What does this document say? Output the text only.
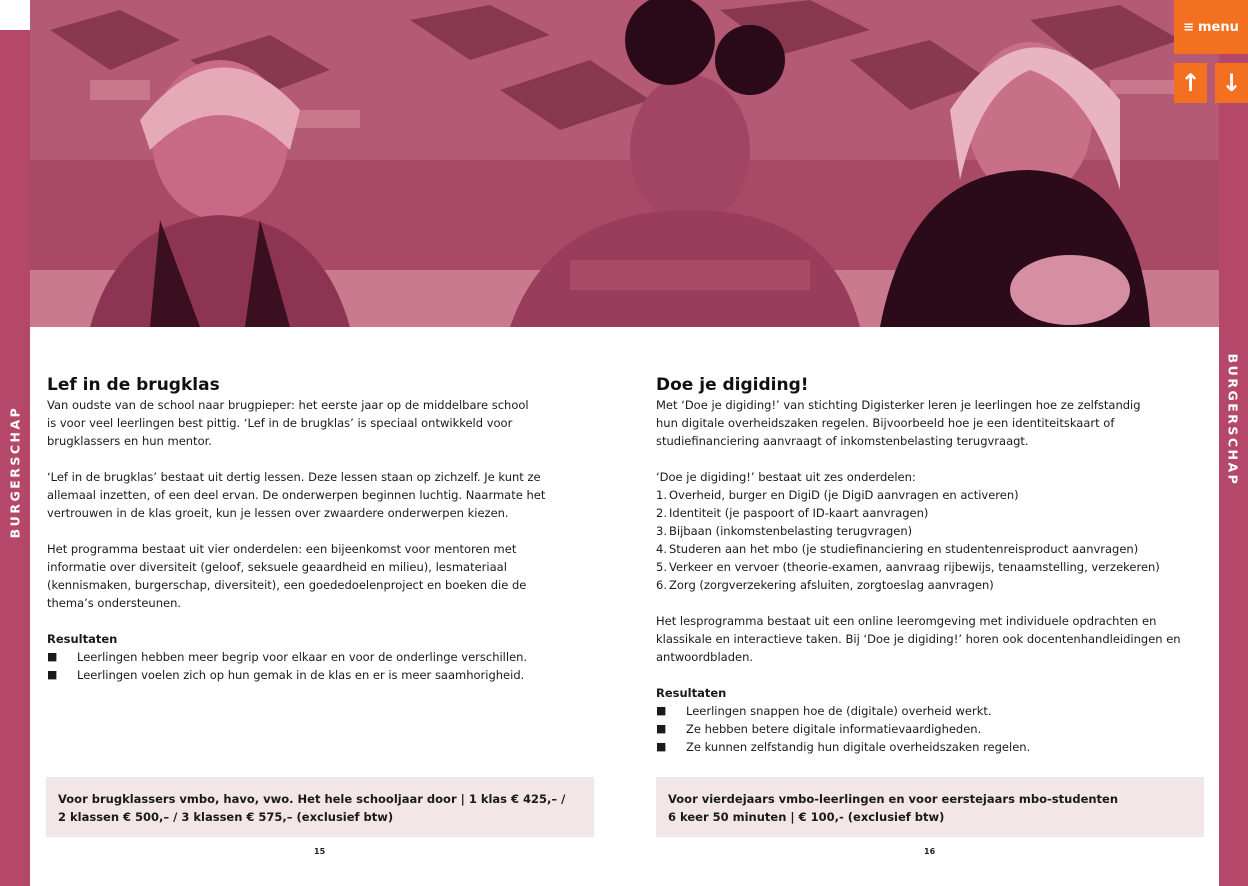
BURGERSCHAP	BURGERSCHAP
≡ menu
↑ ↓
Lef in de brugklas

Van oudste van de school naar brugpieper: het eerste jaar op de middelbare school

is voor veel leerlingen best pittig. ‘Lef in de brugklas’ is speciaal ontwikkeld voor

brugklassers en hun mentor.

‘Lef in de brugklas’ bestaat uit dertig lessen. Deze lessen staan op zichzelf. Je kunt ze

allemaal inzetten, of een deel ervan. De onderwerpen beginnen luchtig. Naarmate het

vertrouwen in de klas groeit, kun je lessen over zwaardere onderwerpen kiezen.

Het programma bestaat uit vier onderdelen: een bijeenkomst voor mentoren met

informatie over diversiteit (geloof, seksuele geaardheid en milieu), lesmateriaal

(kennismaken, burgerschap, diversiteit), een goededoelenproject en boeken die de

thema’s ondersteunen.

Resultaten

■	Leerlingen hebben meer begrip voor elkaar en voor de onderlinge verschillen.
■	Leerlingen voelen zich op hun gemak in de klas en er is meer saamhorigheid.

Voor brugklassers vmbo, havo, vwo. Het hele schooljaar door | 1 klas € 425,– /

2 klassen € 500,– / 3 klassen € 575,– (exclusief btw)

15
Doe je digiding!

Met ‘Doe je digiding!’ van stichting Digisterker leren je leerlingen hoe ze zelfstandig

hun digitale overheidszaken regelen. Bijvoorbeeld hoe je een identiteitskaart of

studiefinanciering aanvraagt of inkomstenbelasting terugvraagt.

‘Doe je digiding!’ bestaat uit zes onderdelen:

1. Overheid, burger en DigiD (je DigiD aanvragen en activeren)
2. Identiteit (je paspoort of ID-kaart aanvragen)
3. Bijbaan (inkomstenbelasting terugvragen)
4. Studeren aan het mbo (je studiefinanciering en studentenreisproduct aanvragen)
5. Verkeer en vervoer (theorie-examen, aanvraag rijbewijs, tenaamstelling, verzekeren)
6. Zorg (zorgverzekering afsluiten, zorgtoeslag aanvragen)

Het lesprogramma bestaat uit een online leeromgeving met individuele opdrachten en

klassikale en interactieve taken. Bij ‘Doe je digiding!’ horen ook docentenhandleidingen en

antwoordbladen.

Resultaten

■	Leerlingen snappen hoe de (digitale) overheid werkt.
■	Ze hebben betere digitale informatievaardigheden.
■	Ze kunnen zelfstandig hun digitale overheidszaken regelen.

Voor vierdejaars vmbo-leerlingen en voor eerstejaars mbo-studenten

6 keer 50 minuten | € 100,- (exclusief btw)

16
